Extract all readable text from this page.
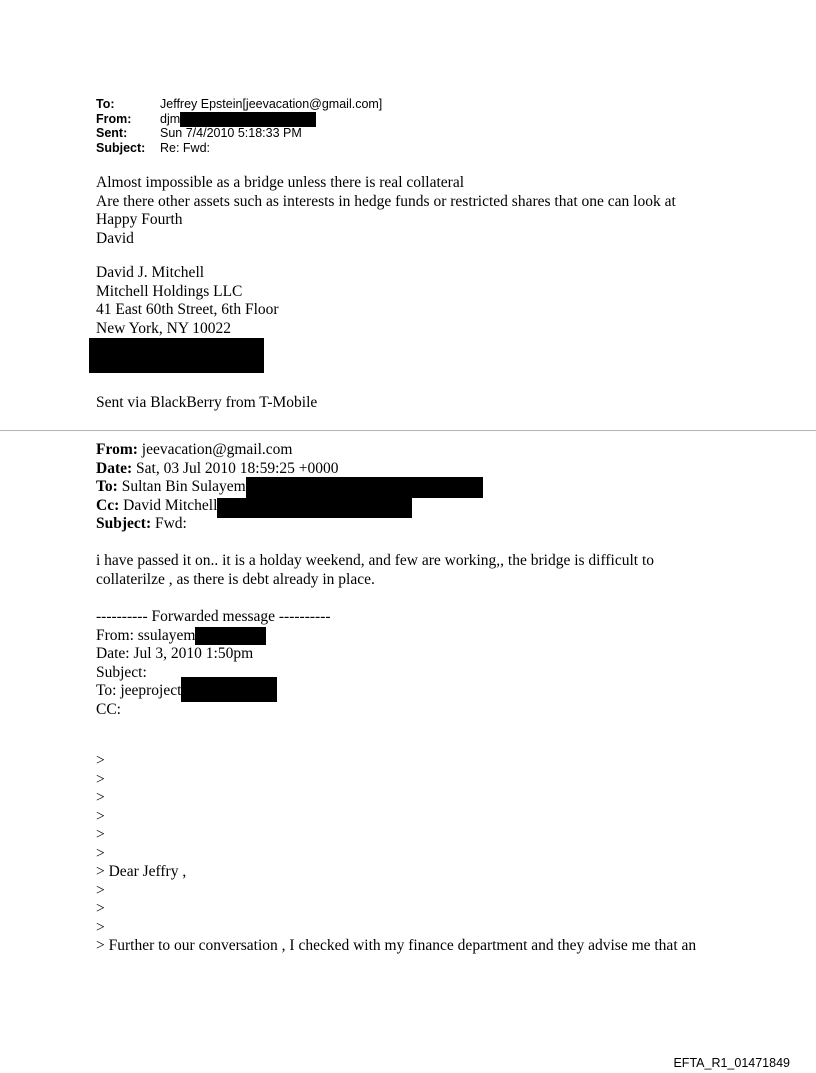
To:	Jeffrey Epstein[jeevacation@gmail.com]
From:	djm
Sent:	Sun 7/4/2010 5:18:33 PM
Subject:	Re: Fwd:
Almost impossible as a bridge unless there is real collateral
Are there other assets such as interests in hedge funds or restricted shares that one can look at
Happy Fourth
David
David J. Mitchell
Mitchell Holdings LLC
41 East 60th Street, 6th Floor
New York, NY 10022
Sent via BlackBerry from T-Mobile
From: jeevacation@gmail.com
Date: Sat, 03 Jul 2010 18:59:25 +0000
To: Sultan Bin Sulayem
Cc: David Mitchell
Subject: Fwd:
i have passed it on.. it is a holday weekend, and few are working,, the bridge is difficult to
collaterilze , as there is debt already in place.
---------- Forwarded message ----------
From: ssulayem
Date: Jul 3, 2010 1:50pm
Subject:
To: jeeproject
CC:
>
>
>
>
>
>
> Dear Jeffry ,
>
>
>
> Further to our conversation , I checked with my finance department and they advise me that an
EFTA_R1_01471849
